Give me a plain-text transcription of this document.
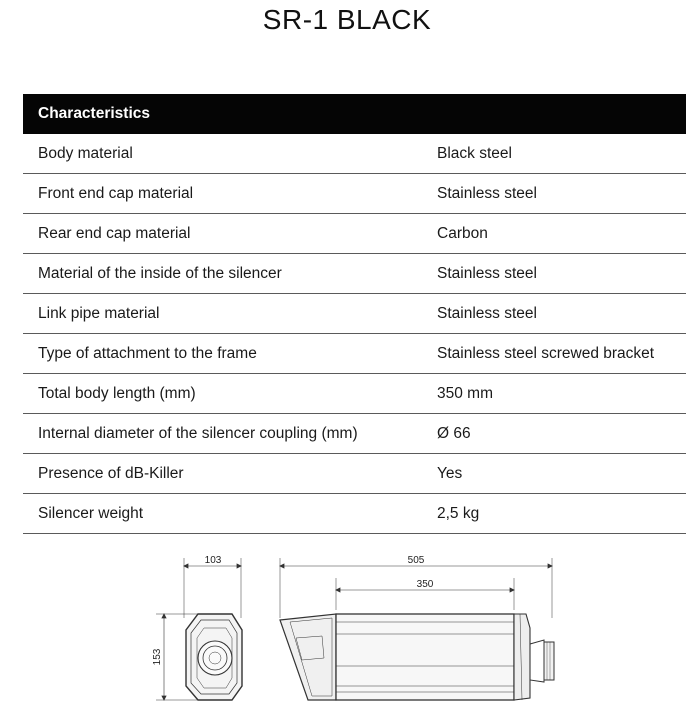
SR-1 BLACK
Characteristics	
Body material	Black steel
Front end cap material	Stainless steel
Rear end cap material	Carbon
Material of the inside of the silencer	Stainless steel
Link pipe material	Stainless steel
Type of attachment to the frame	Stainless steel screwed bracket
Total body length (mm)	350 mm
Internal diameter of the silencer coupling (mm)	Ø 66
Presence of dB-Killer	Yes
Silencer weight	2,5 kg
103
153
505
350
